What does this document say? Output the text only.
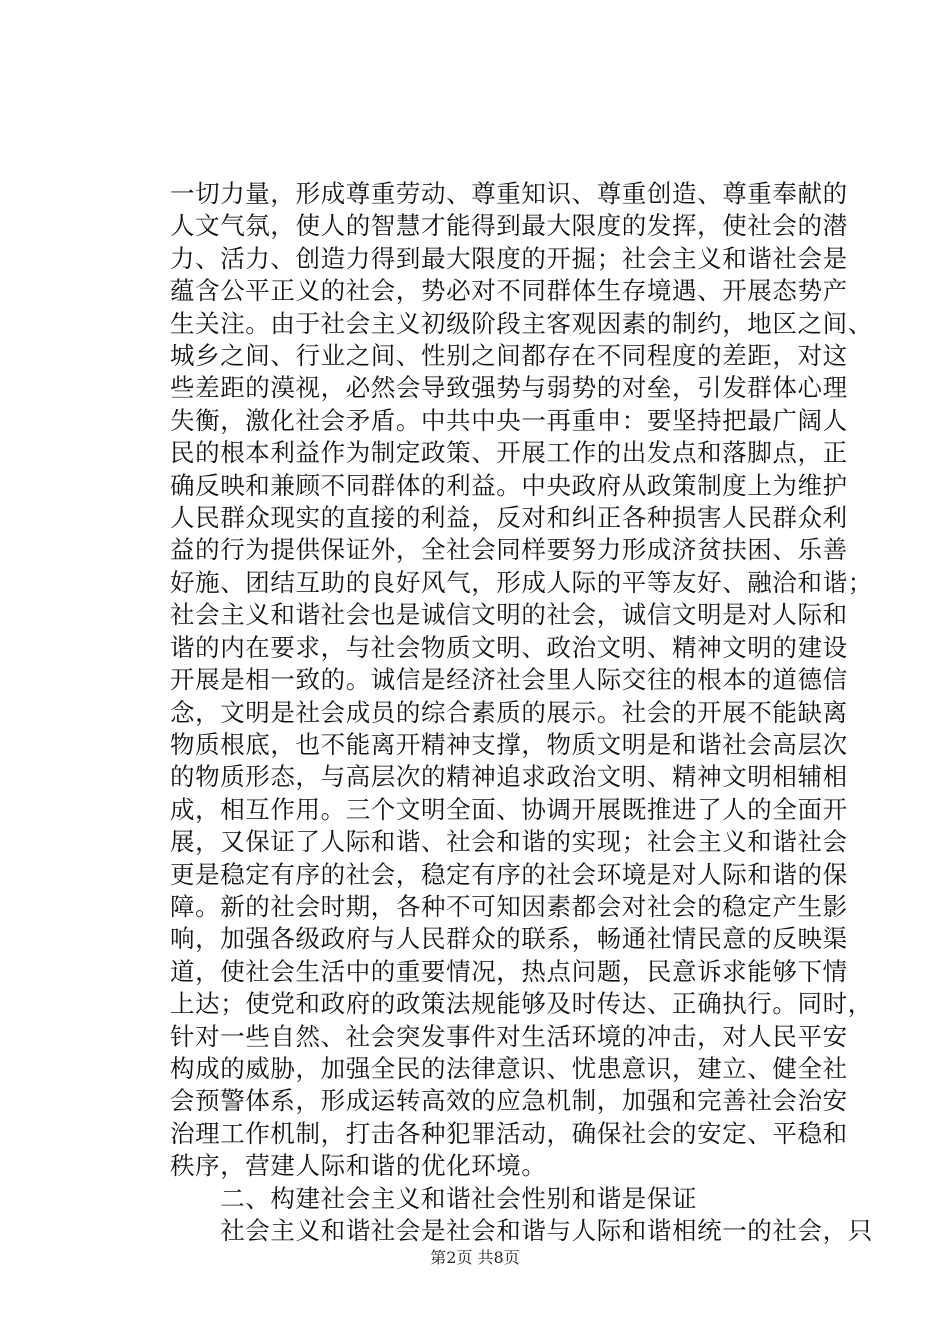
一切力量，形成尊重劳动、尊重知识、尊重创造、尊重奉献的
人文气氛，使人的智慧才能得到最大限度的发挥，使社会的潜
力、活力、创造力得到最大限度的开掘；社会主义和谐社会是
蕴含公平正义的社会，势必对不同群体生存境遇、开展态势产
生关注。由于社会主义初级阶段主客观因素的制约，地区之间、
城乡之间、行业之间、性别之间都存在不同程度的差距，对这
些差距的漠视，必然会导致强势与弱势的对垒，引发群体心理
失衡，激化社会矛盾。中共中央一再重申：要坚持把最广阔人
民的根本利益作为制定政策、开展工作的出发点和落脚点，正
确反映和兼顾不同群体的利益。中央政府从政策制度上为维护
人民群众现实的直接的利益，反对和纠正各种损害人民群众利
益的行为提供保证外，全社会同样要努力形成济贫扶困、乐善
好施、团结互助的良好风气，形成人际的平等友好、融洽和谐；
社会主义和谐社会也是诚信文明的社会，诚信文明是对人际和
谐的内在要求，与社会物质文明、政治文明、精神文明的建设
开展是相一致的。诚信是经济社会里人际交往的根本的道德信
念，文明是社会成员的综合素质的展示。社会的开展不能缺离
物质根底，也不能离开精神支撑，物质文明是和谐社会高层次
的物质形态，与高层次的精神追求政治文明、精神文明相辅相
成，相互作用。三个文明全面、协调开展既推进了人的全面开
展，又保证了人际和谐、社会和谐的实现；社会主义和谐社会
更是稳定有序的社会，稳定有序的社会环境是对人际和谐的保
障。新的社会时期，各种不可知因素都会对社会的稳定产生影
响，加强各级政府与人民群众的联系，畅通社情民意的反映渠
道，使社会生活中的重要情况，热点问题，民意诉求能够下情
上达；使党和政府的政策法规能够及时传达、正确执行。同时，
针对一些自然、社会突发事件对生活环境的冲击，对人民平安
构成的威胁，加强全民的法律意识、忧患意识，建立、健全社
会预警体系，形成运转高效的应急机制，加强和完善社会治安
治理工作机制，打击各种犯罪活动，确保社会的安定、平稳和
秩序，营建人际和谐的优化环境。
　　二、构建社会主义和谐社会性别和谐是保证
　　社会主义和谐社会是社会和谐与人际和谐相统一的社会，只
第2页 共8页
